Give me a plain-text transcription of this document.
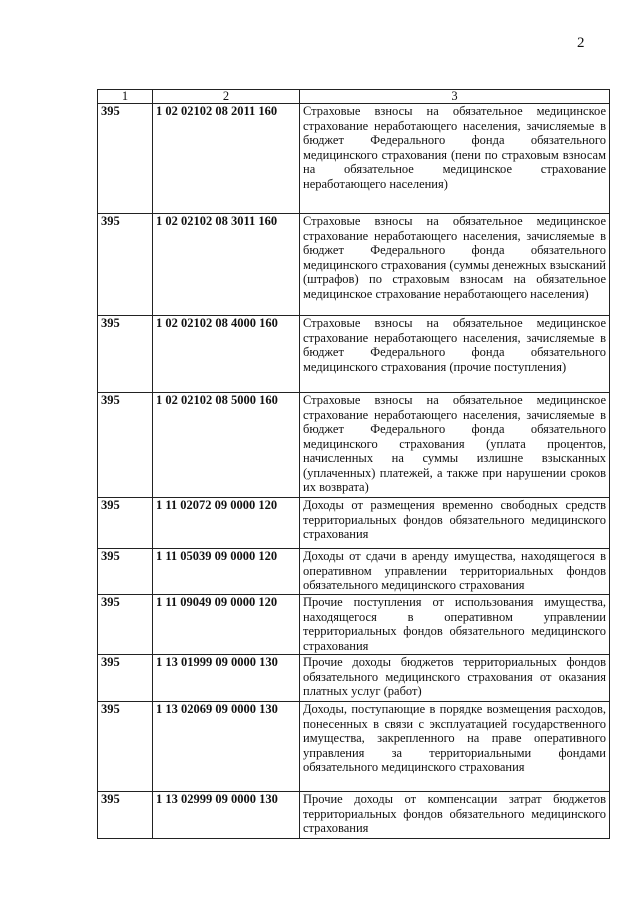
2
1	2	3
395	1 02 02102 08 2011 160	Страховые взносы на обязательное медицинское страхование неработающего населения, зачисляемые в бюджет Федерального фонда обязательного медицинского страхования (пени по страховым взносам на обязательное медицинское страхование неработающего населения)
395	1 02 02102 08 3011 160	Страховые взносы на обязательное медицинское страхование неработающего населения, зачисляемые в бюджет Федерального фонда обязательного медицинского страхования (суммы денежных взысканий (штрафов) по страховым взносам на обязательное медицинское страхование неработающего населения)
395	1 02 02102 08 4000 160	Страховые взносы на обязательное медицинское страхование неработающего населения, зачисляемые в бюджет Федерального фонда обязательного медицинского страхования (прочие поступления)
395	1 02 02102 08 5000 160	Страховые взносы на обязательное медицинское страхование неработающего населения, зачисляемые в бюджет Федерального фонда обязательного медицинского страхования (уплата процентов, начисленных на суммы излишне взысканных (уплаченных) платежей, а также при нарушении сроков их возврата)
395	1 11 02072 09 0000 120	Доходы от размещения временно свободных средств территориальных фондов обязательного медицинского страхования
395	1 11 05039 09 0000 120	Доходы от сдачи в аренду имущества, находящегося в оперативном управлении территориальных фондов обязательного медицинского страхования
395	1 11 09049 09 0000 120	Прочие поступления от использования имущества, находящегося в оперативном управлении территориальных фондов обязательного медицинского страхования
395	1 13 01999 09 0000 130	Прочие доходы бюджетов территориальных фондов обязательного медицинского страхования от оказания платных услуг (работ)
395	1 13 02069 09 0000 130	Доходы, поступающие в порядке возмещения расходов, понесенных в связи с эксплуатацией государственного имущества, закрепленного на праве оперативного управления за территориальными фондами обязательного медицинского страхования
395	1 13 02999 09 0000 130	Прочие доходы от компенсации затрат бюджетов территориальных фондов обязательного медицинского страхования
